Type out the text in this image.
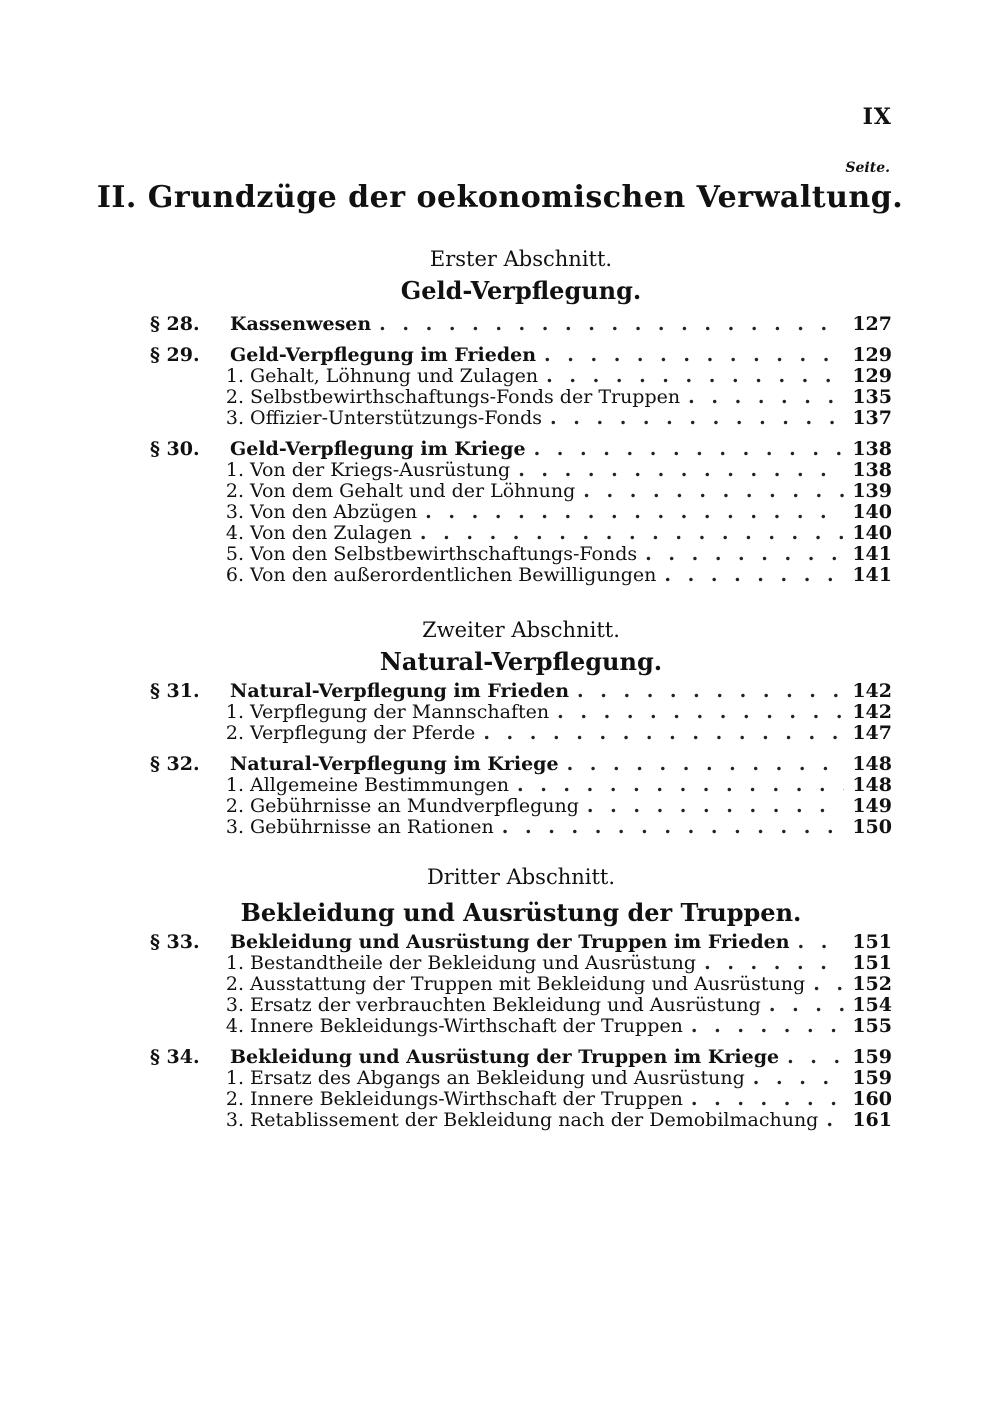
IX
Seite.
II. Grundzüge der oekonomischen Verwaltung.
Erster Abschnitt.
Geld-Verpflegung.
§ 28.	Kassenwesen . . .	127
§ 29.	Geld-Verpflegung im Frieden . . .	129
1. Gehalt, Löhnung und Zulagen . . .	129
2. Selbstbewirthschaftungs-Fonds der Truppen . . .	135
3. Offizier-Unterstützungs-Fonds . . .	137
§ 30.	Geld-Verpflegung im Kriege . . .	138
1. Von der Kriegs-Ausrüstung . . .	138
2. Von dem Gehalt und der Löhnung . . .	139
3. Von den Abzügen . . .	140
4. Von den Zulagen . . .	140
5. Von den Selbstbewirthschaftungs-Fonds . . .	141
6. Von den außerordentlichen Bewilligungen . . .	141
Zweiter Abschnitt.
Natural-Verpflegung.
§ 31.	Natural-Verpflegung im Frieden . . .	142
1. Verpflegung der Mannschaften . . .	142
2. Verpflegung der Pferde . . .	147
§ 32.	Natural-Verpflegung im Kriege . . .	148
1. Allgemeine Bestimmungen . . .	148
2. Gebührnisse an Mundverpflegung . . .	149
3. Gebührnisse an Rationen . . .	150
Dritter Abschnitt.
Bekleidung und Ausrüstung der Truppen.
§ 33.	Bekleidung und Ausrüstung der Truppen im Frieden . . .	151
1. Bestandtheile der Bekleidung und Ausrüstung . . .	151
2. Ausstattung der Truppen mit Bekleidung und Ausrüstung . . . 152
3. Ersatz der verbrauchten Bekleidung und Ausrüstung . . .	154
4. Innere Bekleidungs-Wirthschaft der Truppen . . .	155
§ 34.	Bekleidung und Ausrüstung der Truppen im Kriege . . .	159
1. Ersatz des Abgangs an Bekleidung und Ausrüstung . . .	159
2. Innere Bekleidungs-Wirthschaft der Truppen . . .	160
3. Retablissement der Bekleidung nach der Demobilmachung . . . 161
